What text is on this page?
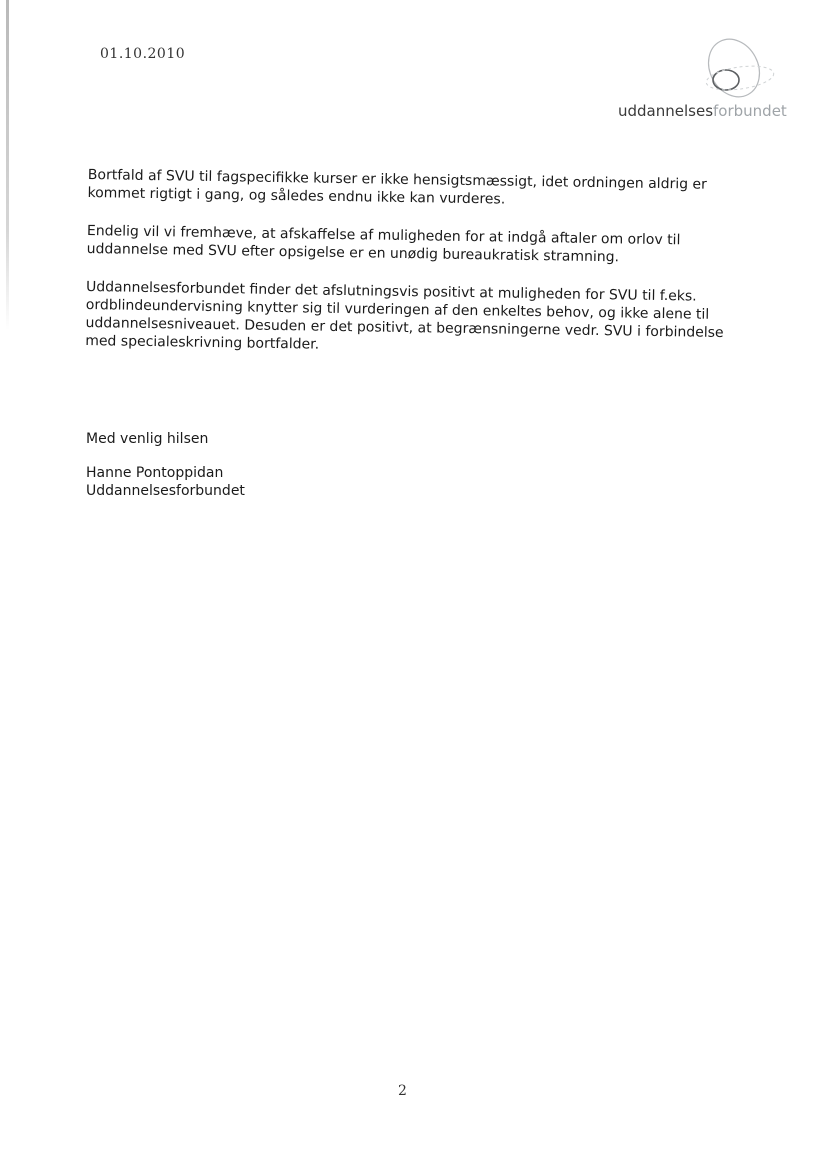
01.10.2010
uddannelsesforbundet

Bortfald af SVU til fagspecifikke kurser er ikke hensigtsmæssigt, idet ordningen aldrig er kommet rigtigt i gang, og således endnu ikke kan vurderes.

Endelig vil vi fremhæve, at afskaffelse af muligheden for at indgå aftaler om orlov til uddannelse med SVU efter opsigelse er en unødig bureaukratisk stramning.

Uddannelsesforbundet finder det afslutningsvis positivt at muligheden for SVU til f.eks. ordblindeundervisning knytter sig til vurderingen af den enkeltes behov, og ikke alene til uddannelsesniveauet. Desuden er det positivt, at begrænsningerne vedr. SVU i forbindelse med specialeskrivning bortfalder.

Med venlig hilsen

Hanne Pontoppidan

Uddannelsesforbundet

2
